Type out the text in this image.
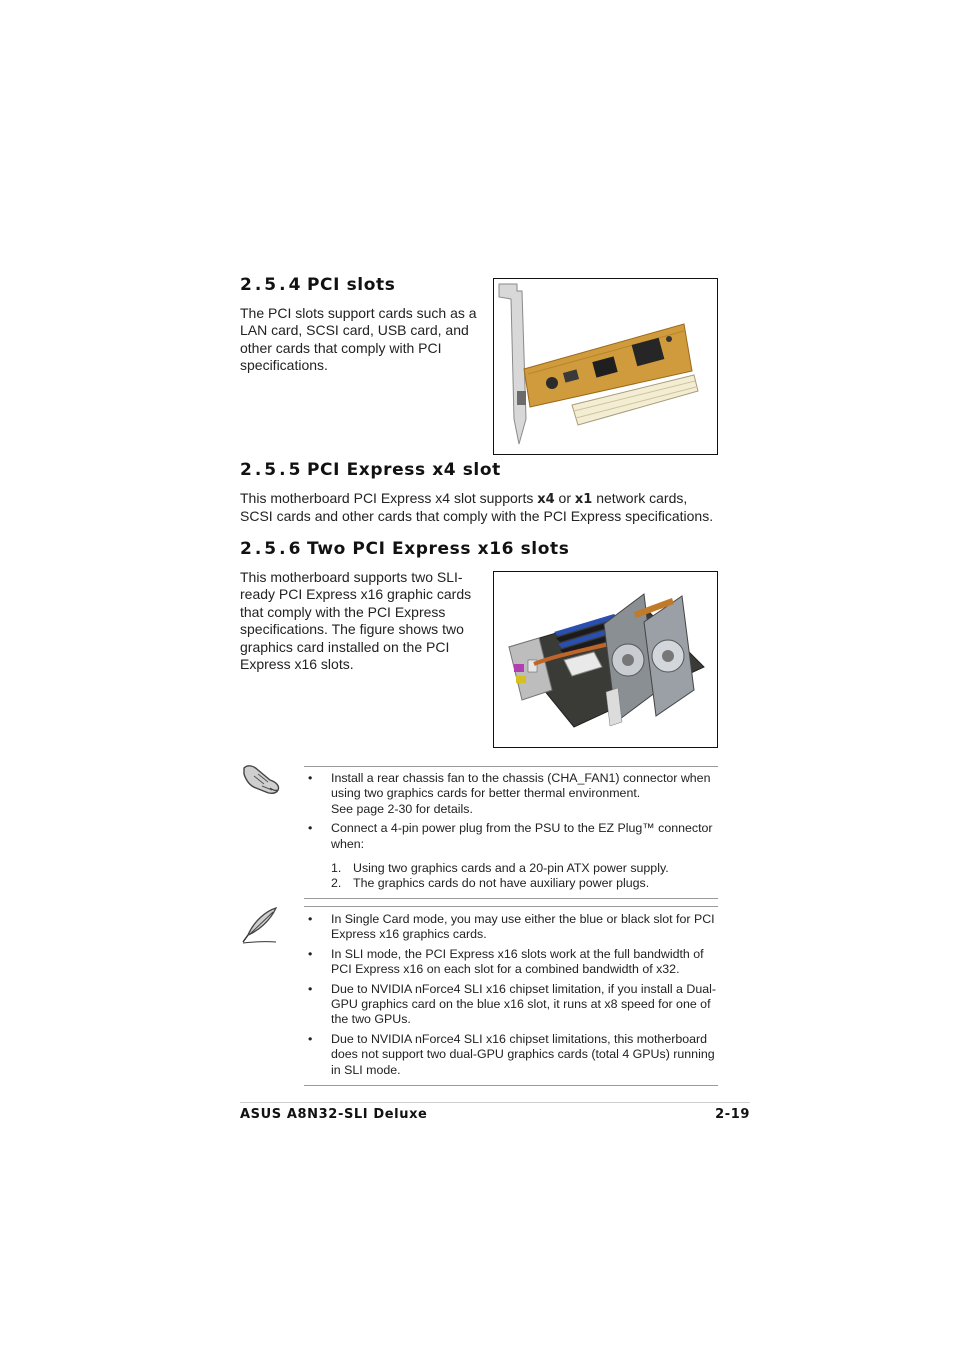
2.5.4 PCI slots
The PCI slots support cards such as a LAN card, SCSI card, USB card, and other cards that comply with PCI specifications.
2.5.5 PCI Express x4 slot
This motherboard PCI Express x4 slot supports x4 or x1 network cards, SCSI cards and other cards that comply with the PCI Express specifications.
2.5.6 Two PCI Express x16 slots
This motherboard supports two SLI-ready PCI Express x16 graphic cards that comply with the PCI Express specifications. The figure shows two graphics card installed on the PCI Express x16 slots.
• Install a rear chassis fan to the chassis (CHA_FAN1) connector when using two graphics cards for better thermal environment.
See page 2-30 for details.
• Connect a 4-pin power plug from the PSU to the EZ Plug™ connector when:
1. Using two graphics cards and a 20-pin ATX power supply.
2. The graphics cards do not have auxiliary power plugs.
• In Single Card mode, you may use either the blue or black slot for PCI Express x16 graphics cards.
• In SLI mode, the PCI Express x16 slots work at the full bandwidth of PCI Express x16 on each slot for a combined bandwidth of x32.
• Due to NVIDIA nForce4 SLI x16 chipset limitation, if you install a Dual-GPU graphics card on the blue x16 slot, it runs at x8 speed for one of the two GPUs.
• Due to NVIDIA nForce4 SLI x16 chipset limitations, this motherboard does not support two dual-GPU graphics cards (total 4 GPUs) running in SLI mode.
ASUS A8N32-SLI Deluxe	2-19
